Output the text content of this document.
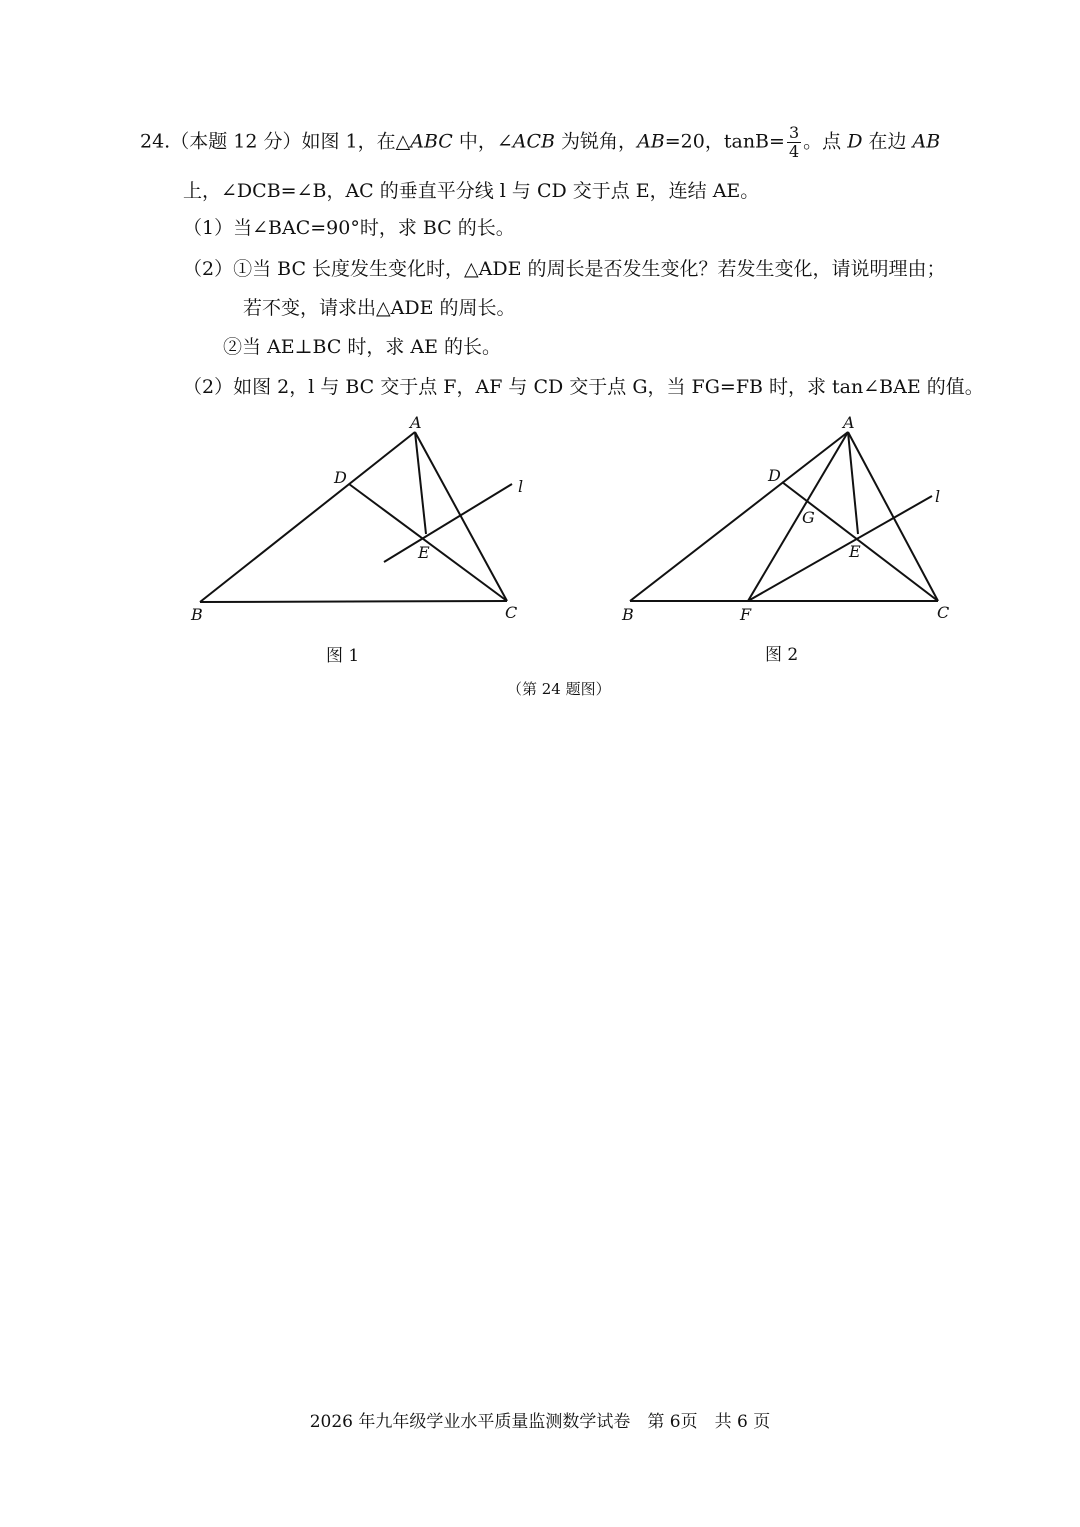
24.（本题 12 分）如图 1，在△ABC 中，∠ACB 为锐角，AB=20，$\tan B= \frac{3}{4}$ 。点 D 在边 AB
上，∠DCB=∠B，AC 的垂直平分线 l 与 CD 交于点 E，连结 AE。
（1）当∠BAC=90°时，求 BC 的长。
（2）①当 BC 长度发生变化时，△ADE 的周长是否发生变化？若发生变化，请说明理由；
若不变，请求出△ADE 的周长。
②当 AE⊥BC 时，求 AE 的长。
（2）如图 2，l 与 BC 交于点 F，AF 与 CD 交于点 G，当 FG=FB 时，求 tan∠BAE 的值。
A
B	C
D
E
l
A
B	C
D
E
F
G
l
图 1	图 2
（第 24 题图）
2026 年九年级学业水平质量监测数学试卷　第 6页　共 6 页
